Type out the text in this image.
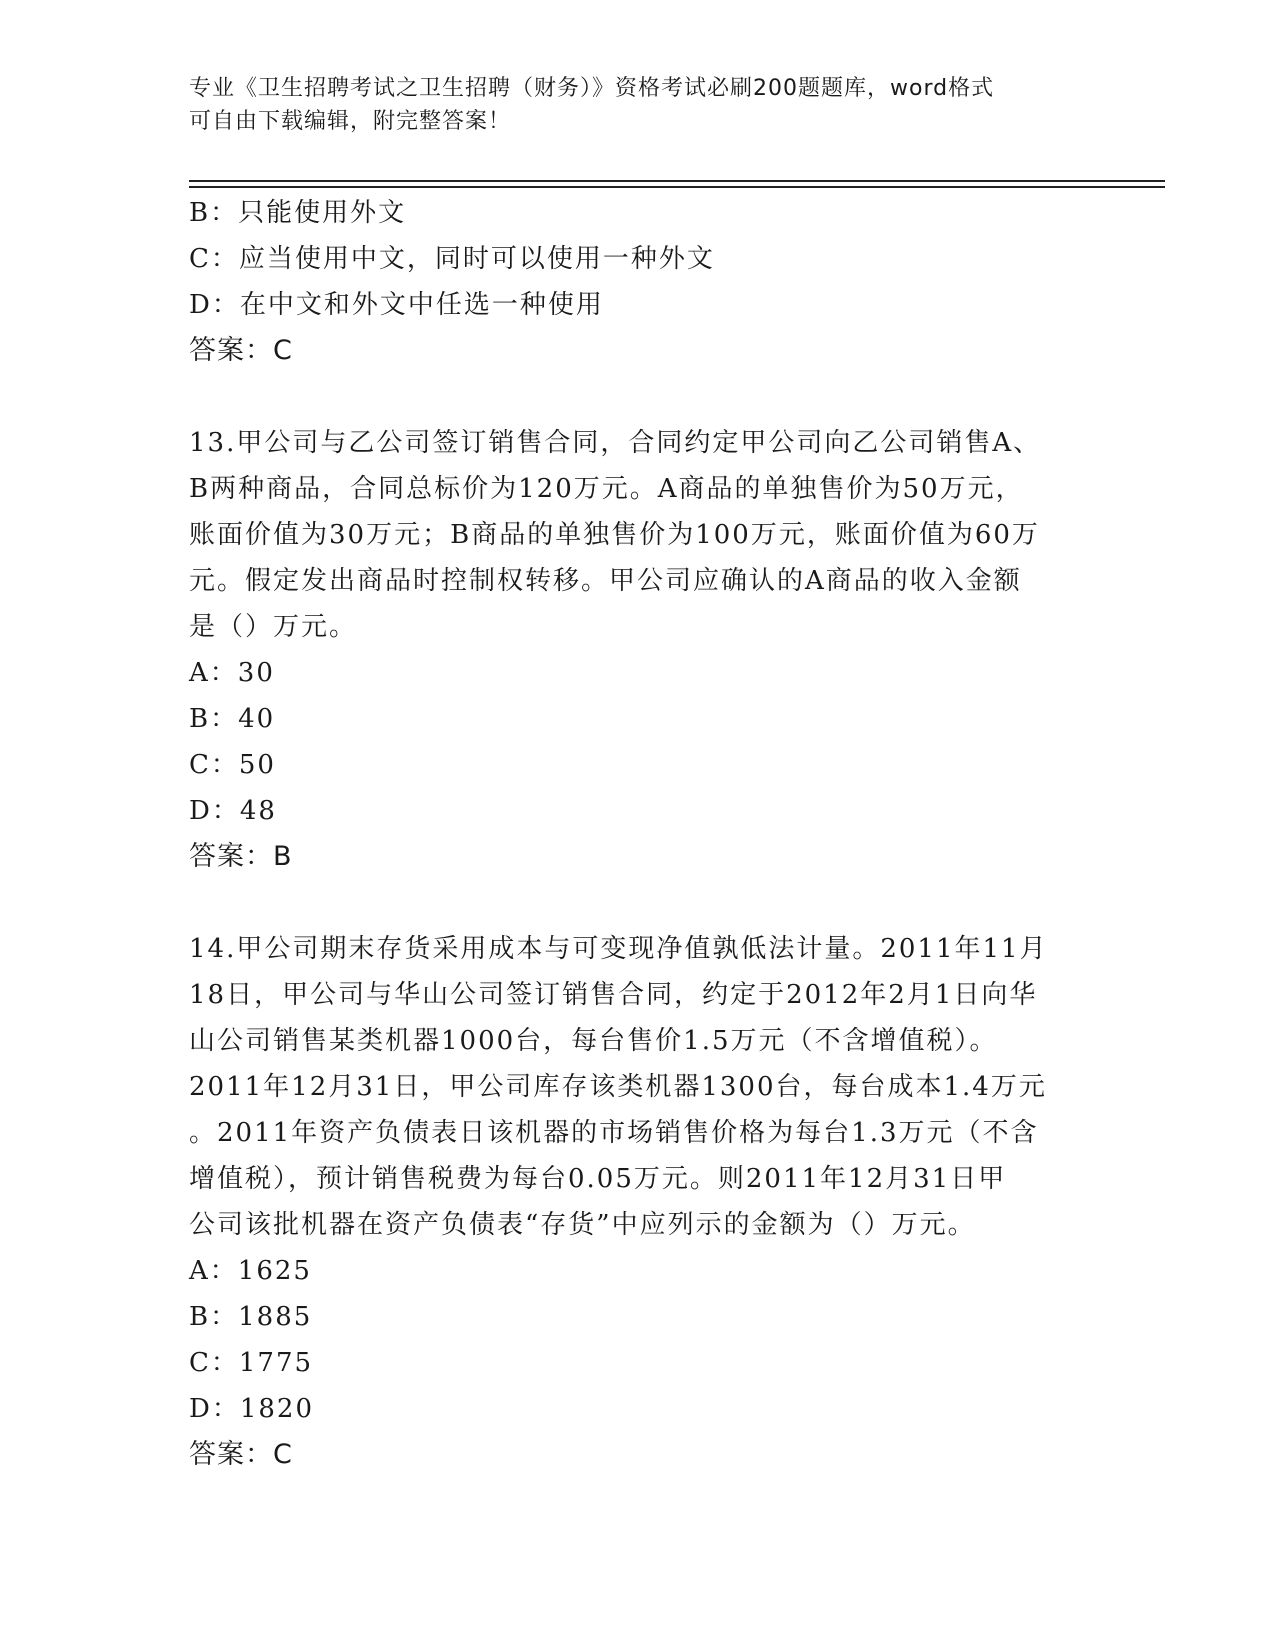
专业《卫生招聘考试之卫生招聘（财务）》资格考试必刷200题题库，word格式
可自由下载编辑，附完整答案！
B：只能使用外文
C：应当使用中文，同时可以使用一种外文
D：在中文和外文中任选一种使用
答案：C
13.甲公司与乙公司签订销售合同，合同约定甲公司向乙公司销售A、
B两种商品，合同总标价为120万元。A商品的单独售价为50万元，
账面价值为30万元；B商品的单独售价为100万元，账面价值为60万
元。假定发出商品时控制权转移。甲公司应确认的A商品的收入金额
是（）万元。
A：30
B：40
C：50
D：48
答案：B
14.甲公司期末存货采用成本与可变现净值孰低法计量。2011年11月
18日，甲公司与华山公司签订销售合同，约定于2012年2月1日向华
山公司销售某类机器1000台，每台售价1.5万元（不含增值税）。
2011年12月31日，甲公司库存该类机器1300台，每台成本1.4万元
。2011年资产负债表日该机器的市场销售价格为每台1.3万元（不含
增值税），预计销售税费为每台0.05万元。则2011年12月31日甲
公司该批机器在资产负债表“存货”中应列示的金额为（）万元。
A：1625
B：1885
C：1775
D：1820
答案：C
